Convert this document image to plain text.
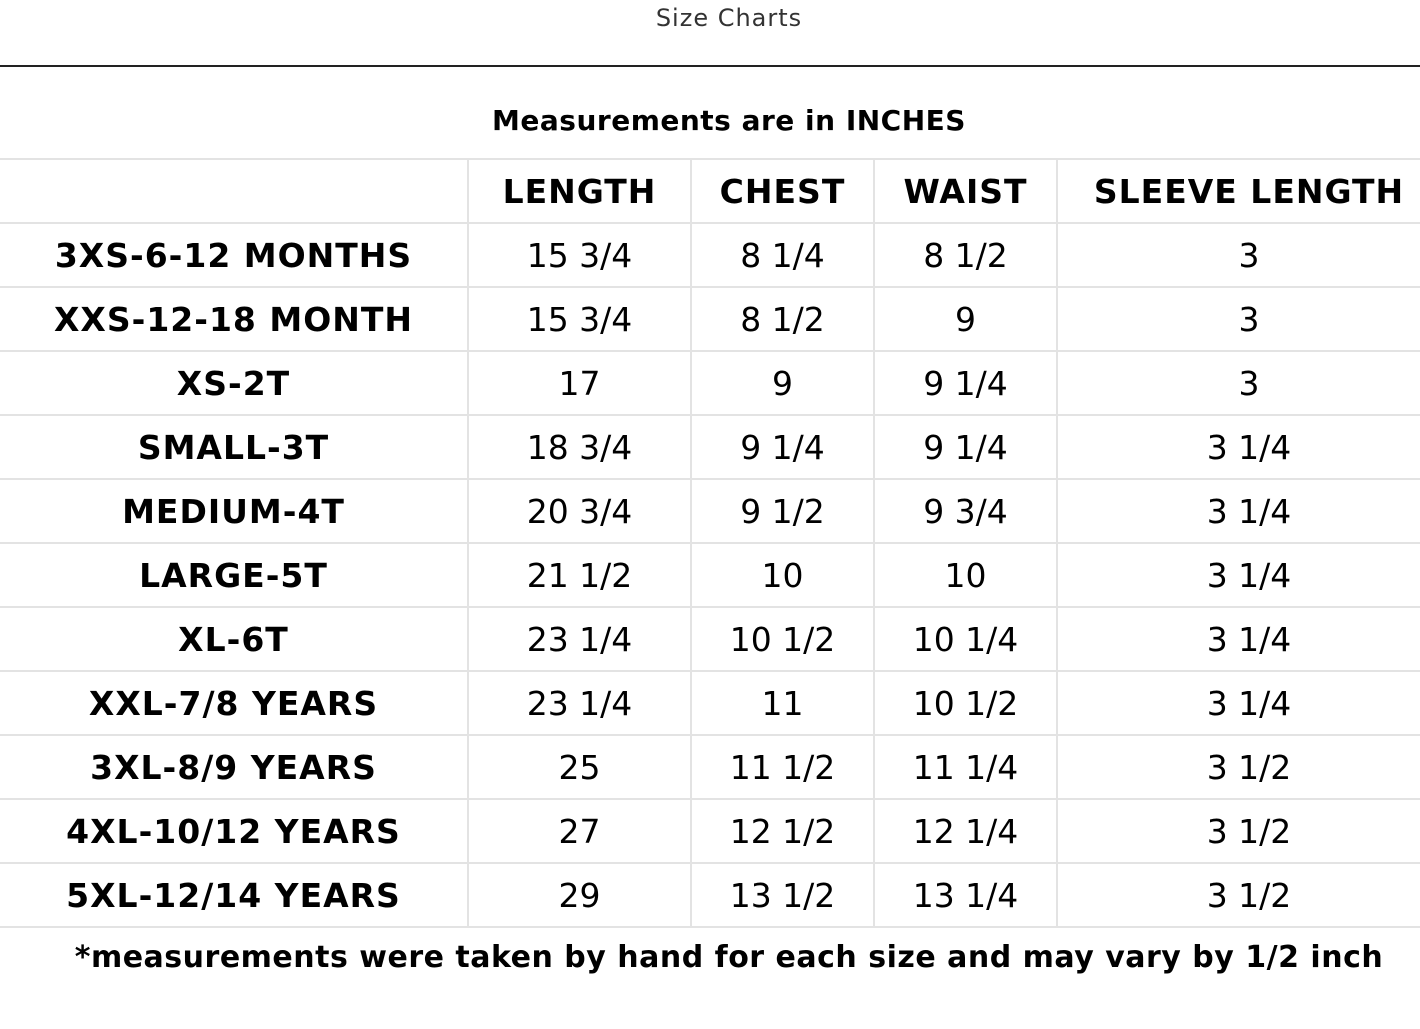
Size Charts
Measurements are in INCHES
	LENGTH	CHEST	WAIST	SLEEVE LENGTH
3XS-6-12 MONTHS	15 3/4	8 1/4	8 1/2	3
XXS-12-18 MONTH	15 3/4	8 1/2	9	3
XS-2T	17	9	9 1/4	3
SMALL-3T	18 3/4	9 1/4	9 1/4	3 1/4
MEDIUM-4T	20 3/4	9 1/2	9 3/4	3 1/4
LARGE-5T	21 1/2	10	10	3 1/4
XL-6T	23 1/4	10 1/2	10 1/4	3 1/4
XXL-7/8 YEARS	23 1/4	11	10 1/2	3 1/4
3XL-8/9 YEARS	25	11 1/2	11 1/4	3 1/2
4XL-10/12 YEARS	27	12 1/2	12 1/4	3 1/2
5XL-12/14 YEARS	29	13 1/2	13 1/4	3 1/2
*measurements were taken by hand for each size and may vary by 1/2 inch
